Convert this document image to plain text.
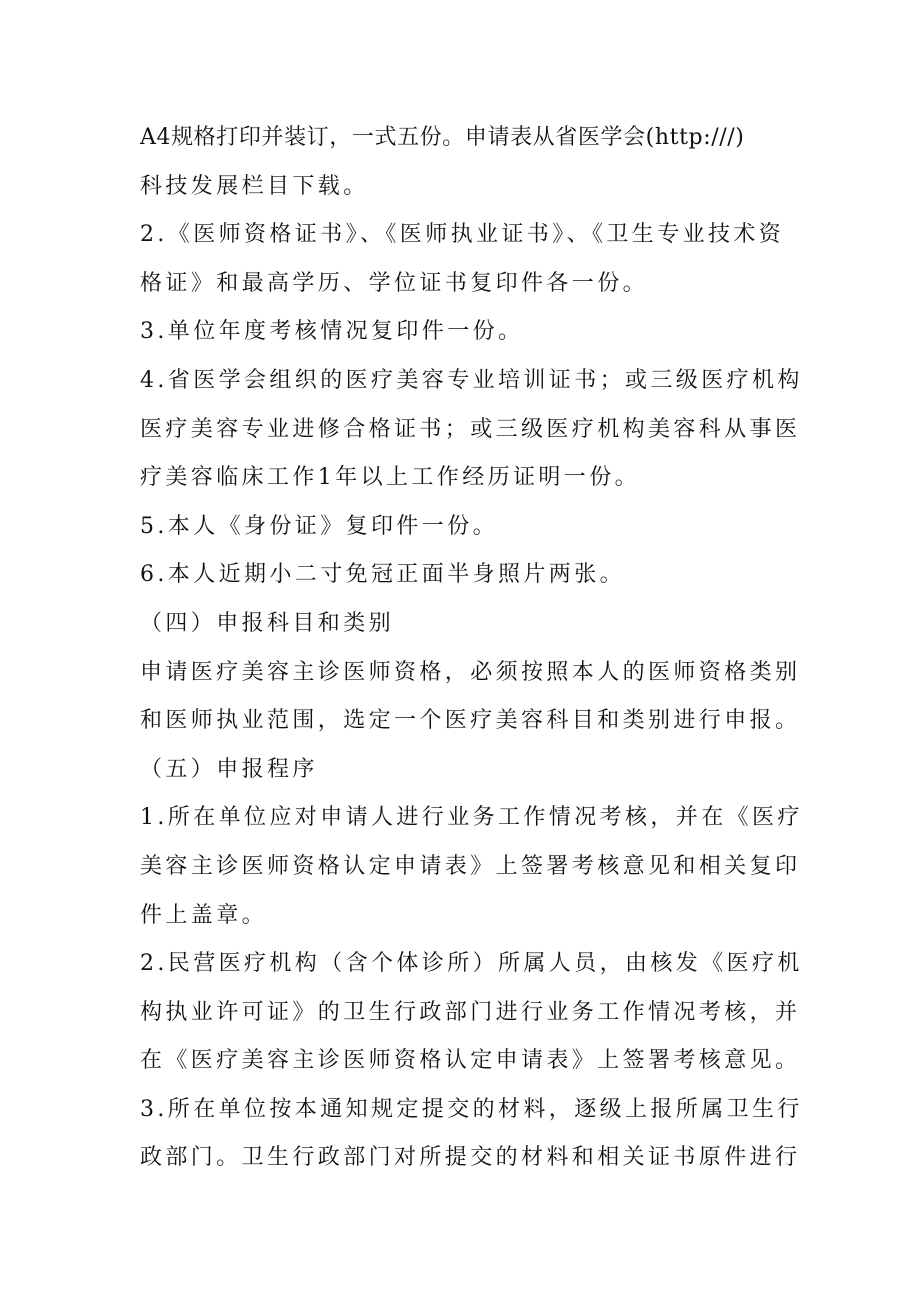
A4规格打印并装订，一式五份。申请表从省医学会(http:///)

科技发展栏目下载。

2.《医师资格证书》、《医师执业证书》、《卫生专业技术资

格证》和最高学历、学位证书复印件各一份。

3.单位年度考核情况复印件一份。

4.省医学会组织的医疗美容专业培训证书；或三级医疗机构

医疗美容专业进修合格证书；或三级医疗机构美容科从事医

疗美容临床工作1年以上工作经历证明一份。

5.本人《身份证》复印件一份。

6.本人近期小二寸免冠正面半身照片两张。

（四）申报科目和类别

申请医疗美容主诊医师资格，必须按照本人的医师资格类别

和医师执业范围，选定一个医疗美容科目和类别进行申报。

（五）申报程序

1.所在单位应对申请人进行业务工作情况考核，并在《医疗

美容主诊医师资格认定申请表》上签署考核意见和相关复印

件上盖章。

2.民营医疗机构（含个体诊所）所属人员，由核发《医疗机

构执业许可证》的卫生行政部门进行业务工作情况考核，并

在《医疗美容主诊医师资格认定申请表》上签署考核意见。

3.所在单位按本通知规定提交的材料，逐级上报所属卫生行

政部门。卫生行政部门对所提交的材料和相关证书原件进行
